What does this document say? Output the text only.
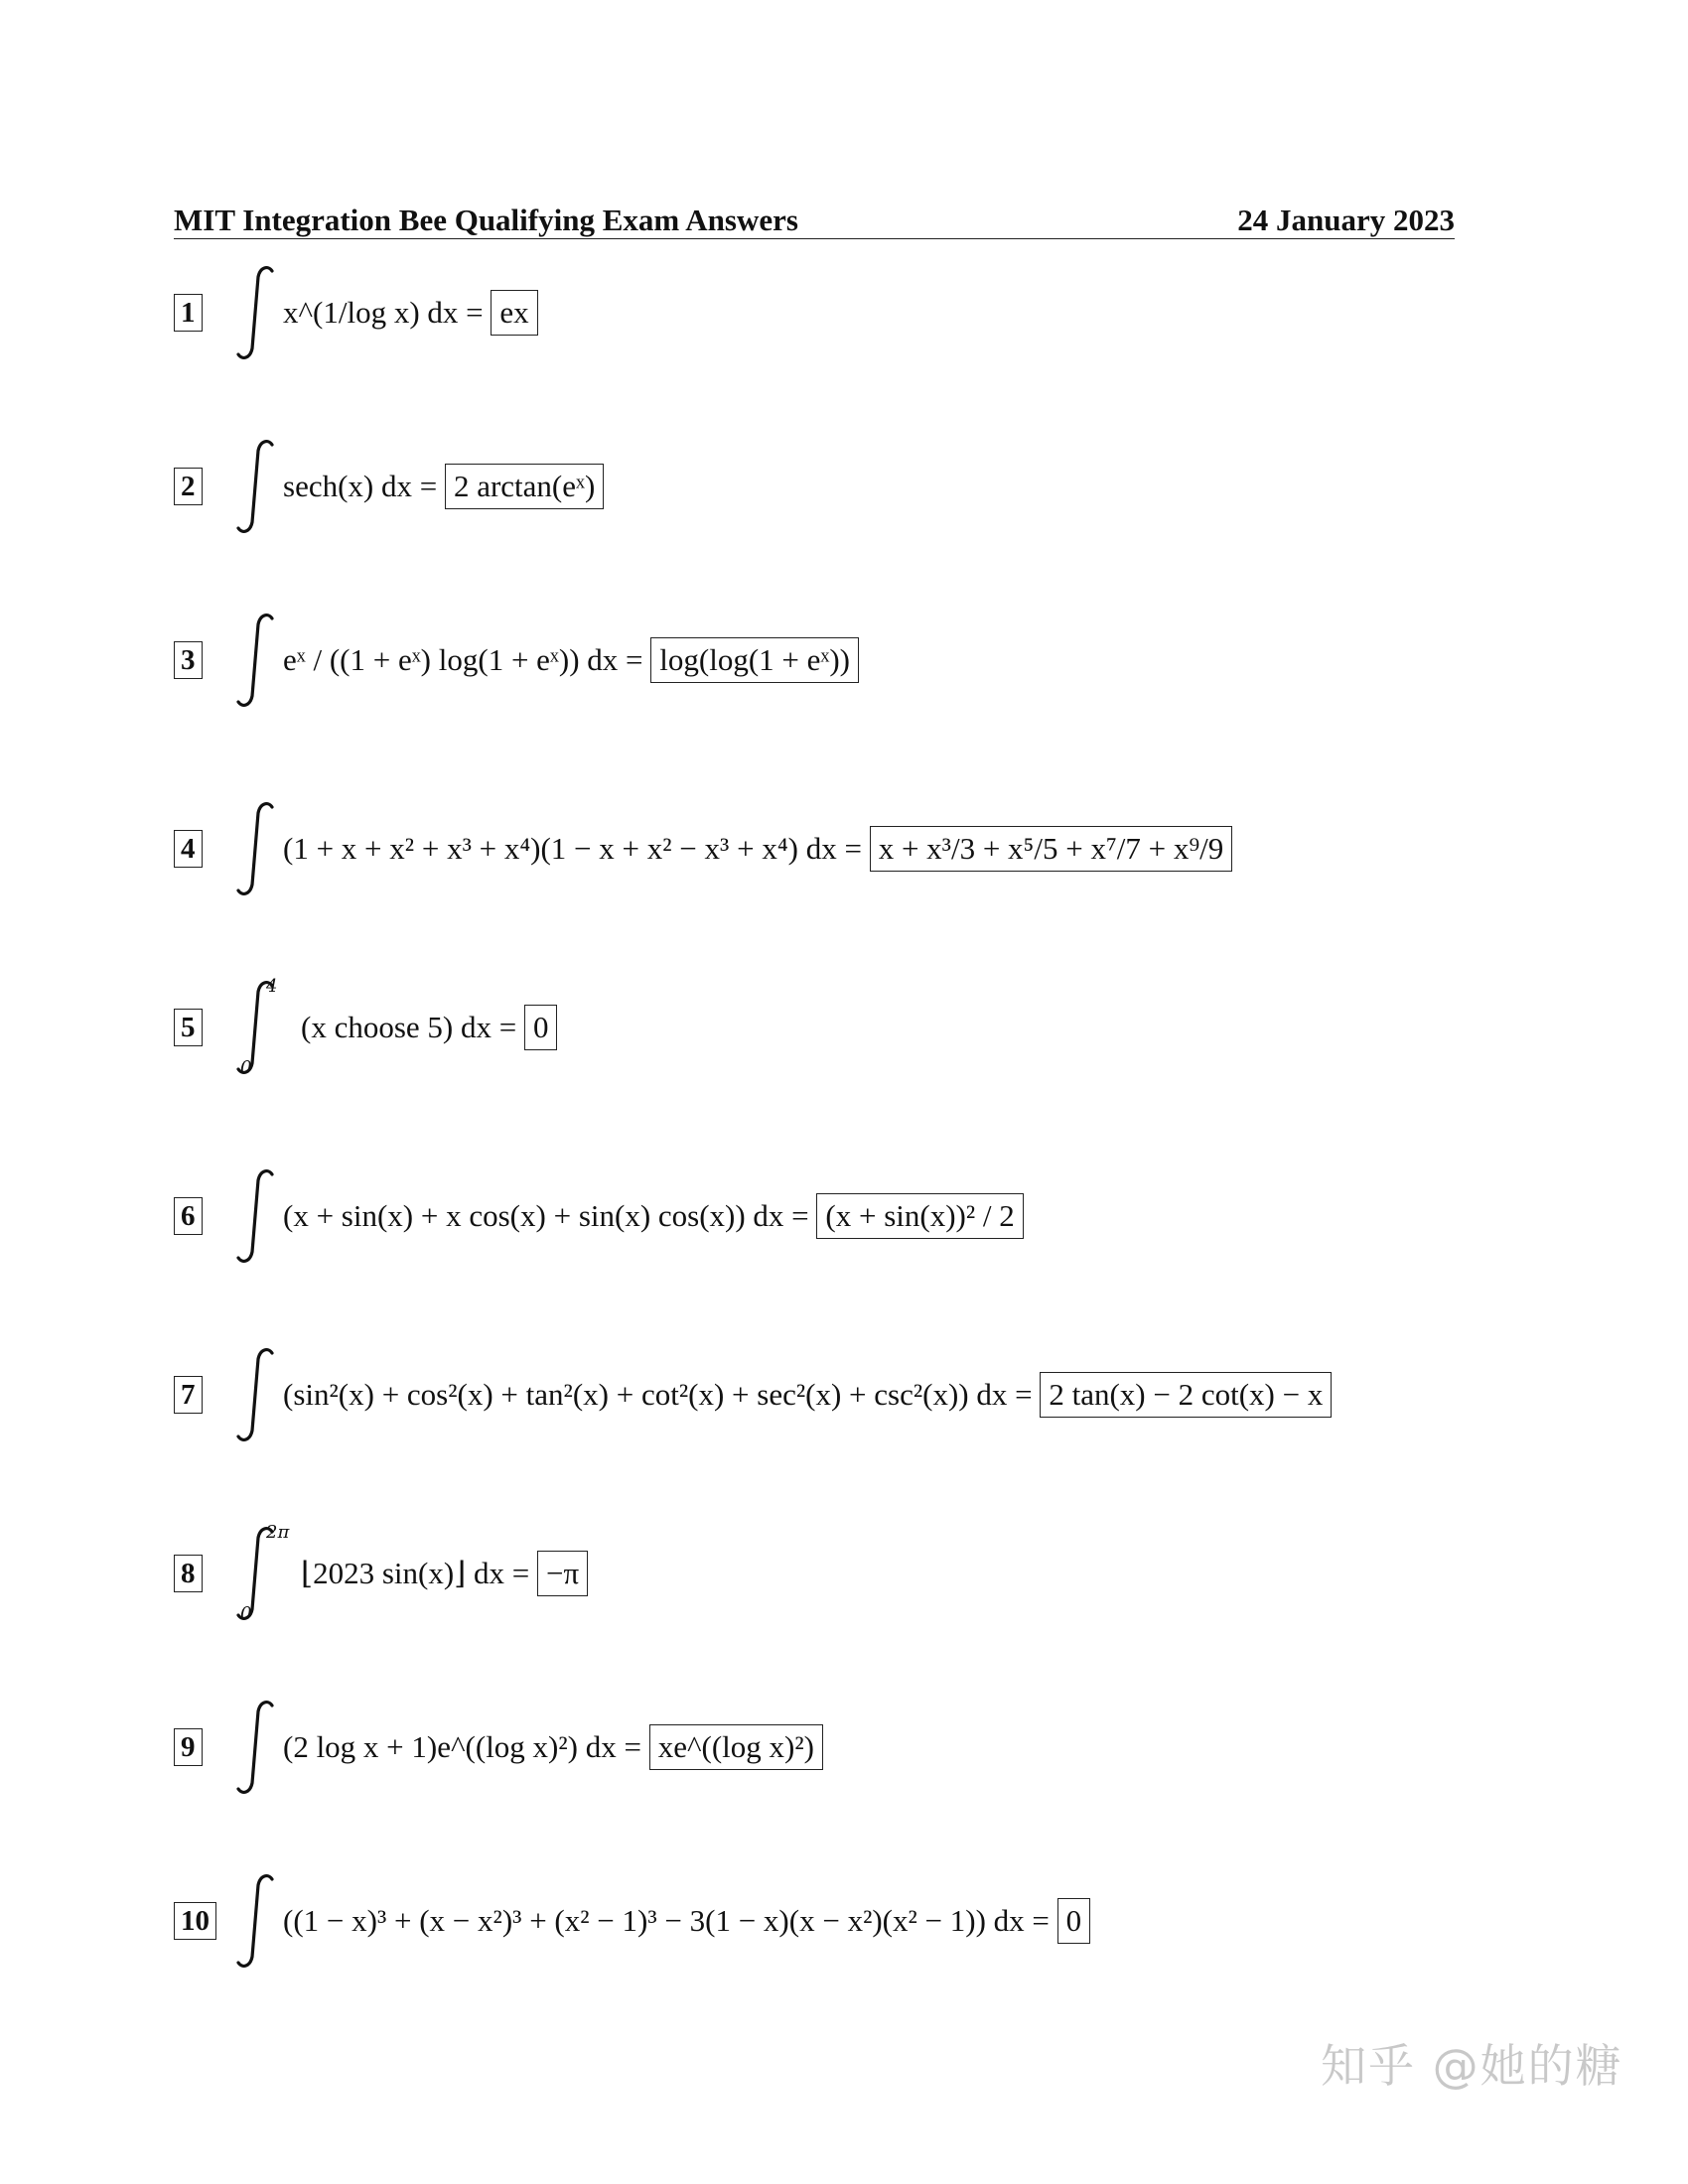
MIT Integration Bee Qualifying Exam Answers	24 January 2023
1	x^(1/log x) dx = ex
2	sech(x) dx = 2 arctan(eˣ)
3	eˣ / ((1 + eˣ) log(1 + eˣ)) dx = log(log(1 + eˣ))
4	(1 + x + x² + x³ + x⁴)(1 − x + x² − x³ + x⁴) dx = x + x³/3 + x⁵/5 + x⁷/7 + x⁹/9
5
4
0
(x choose 5) dx = 0
6	(x + sin(x) + x cos(x) + sin(x) cos(x)) dx = (x + sin(x))² / 2
7	(sin²(x) + cos²(x) + tan²(x) + cot²(x) + sec²(x) + csc²(x)) dx = 2 tan(x) − 2 cot(x) − x
8
2π
0
⌊2023 sin(x)⌋ dx = −π
9	(2 log x + 1)e^((log x)²) dx = xe^((log x)²)
10 ((1 − x)³ + (x − x²)³ + (x² − 1)³ − 3(1 − x)(x − x²)(x² − 1)) dx = 0
知乎 @她的糖
